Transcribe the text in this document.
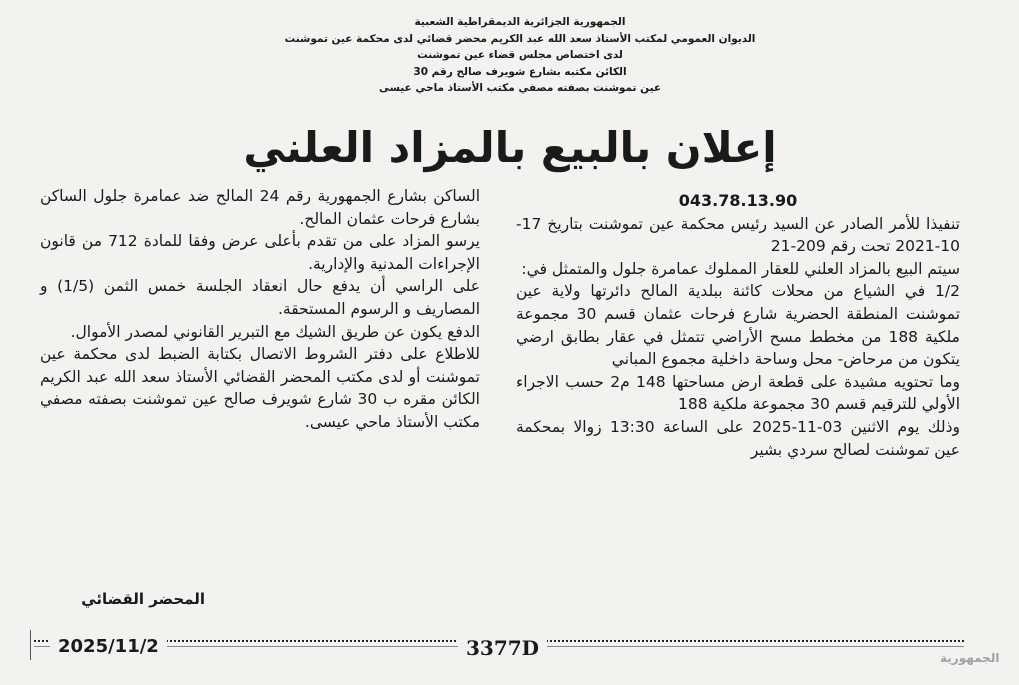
الجمهورية الجزائرية الديمقراطية الشعبية
الديوان العمومي لمكتب الأستاذ سعد الله عبد الكريم محضر قضائي لدى محكمة عين تموشنت
لدى اختصاص مجلس قضاء عين تموشنت
الكائن مكتبه بشارع شويرف صالح رقم 30
عين تموشنت بصفته مصفي مكتب الأستاذ ماحي عيسى
إعلان بالبيع بالمزاد العلني

043.78.13.90

تنفيذا للأمر الصادر عن السيد رئيس محكمة عين تموشنت بتاريخ 17-10-2021 تحت رقم 209-21

سيتم البيع بالمزاد العلني للعقار المملوك عمامرة جلول والمتمثل في:

1/2 في الشياع من محلات كائنة ببلدية المالح دائرتها ولاية عين تموشنت المنطقة الحضرية شارع فرحات عثمان قسم 30 مجموعة ملكية 188 من مخطط مسح الأراضي تتمثل في عقار بطابق ارضي يتكون من مرحاض- محل وساحة داخلية مجموع المباني

وما تحتويه مشيدة على قطعة ارض مساحتها 148 م2 حسب الاجراء الأولي للترقيم قسم 30 مجموعة ملكية 188

وذلك يوم الاثنين 03-11-2025 على الساعة 13:30 زوالا بمحكمة عين تموشنت لصالح سردي بشير

الساكن بشارع الجمهورية رقم 24 المالح ضد عمامرة جلول الساكن بشارع فرحات عثمان المالح.

يرسو المزاد على من تقدم بأعلى عرض وفقا للمادة 712 من قانون الإجراءات المدنية والإدارية.

على الراسي أن يدفع حال انعقاد الجلسة خمس الثمن (1/5) و المصاريف و الرسوم المستحقة.

الدفع يكون عن طريق الشيك مع التبرير القانوني لمصدر الأموال.

للاطلاع على دفتر الشروط الاتصال بكتابة الضبط لدى محكمة عين تموشنت أو لدى مكتب المحضر القضائي الأستاذ سعد الله عبد الكريم الكائن مقره ب 30 شارع شويرف صالح عين تموشنت بصفته مصفي مكتب الأستاذ ماحي عيسى.

المحضر القضائي
2025/11/2	3377D	الجمهورية
